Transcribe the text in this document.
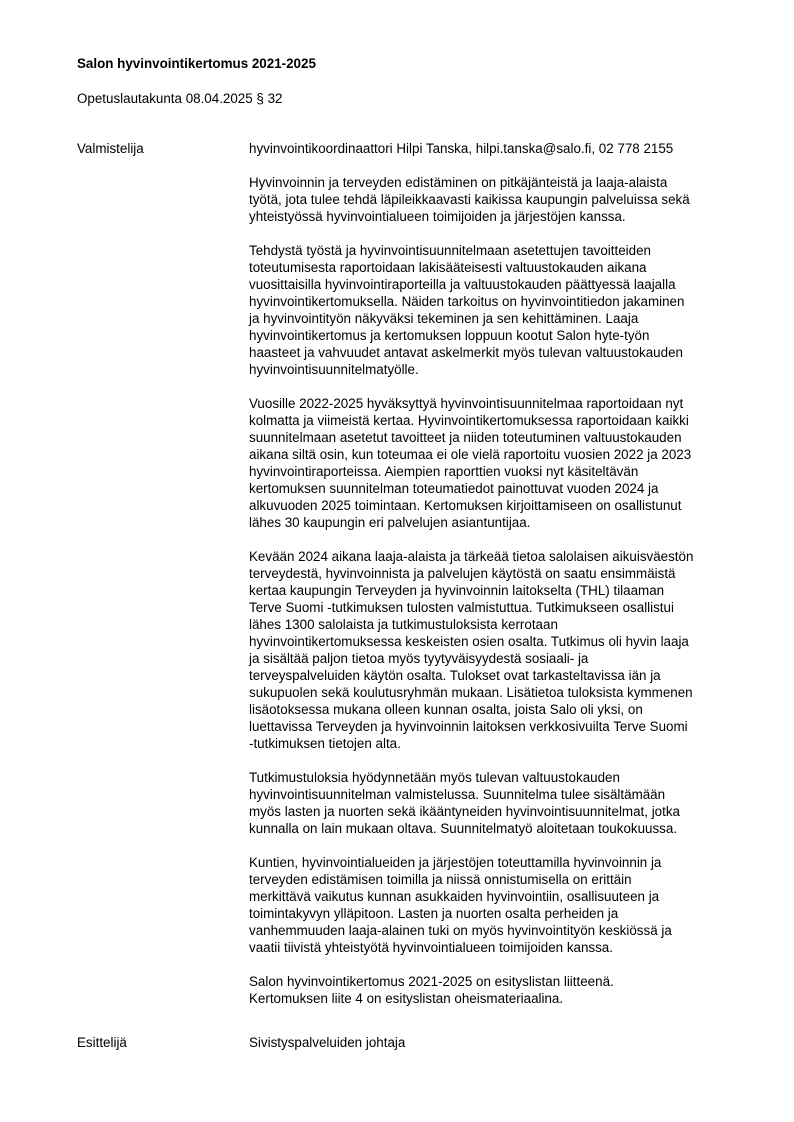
Salon hyvinvointikertomus 2021-2025
Opetuslautakunta 08.04.2025 § 32
Valmistelija	hyvinvointikoordinaattori Hilpi Tanska, hilpi.tanska@salo.fi, 02 778 2155

Hyvinvoinnin ja terveyden edistäminen on pitkäjänteistä ja laaja-alaista
työtä, jota tulee tehdä läpileikkaavasti kaikissa kaupungin palveluissa sekä
yhteistyössä hyvinvointialueen toimijoiden ja järjestöjen kanssa.

Tehdystä työstä ja hyvinvointisuunnitelmaan asetettujen tavoitteiden
toteutumisesta raportoidaan lakisääteisesti valtuustokauden aikana
vuosittaisilla hyvinvointiraporteilla ja valtuustokauden päättyessä laajalla
hyvinvointikertomuksella. Näiden tarkoitus on hyvinvointitiedon jakaminen
ja hyvinvointityön näkyväksi tekeminen ja sen kehittäminen. Laaja
hyvinvointikertomus ja kertomuksen loppuun kootut Salon hyte-työn
haasteet ja vahvuudet antavat askelmerkit myös tulevan valtuustokauden
hyvinvointisuunnitelmatyölle.

Vuosille 2022-2025 hyväksyttyä hyvinvointisuunnitelmaa raportoidaan nyt
kolmatta ja viimeistä kertaa. Hyvinvointikertomuksessa raportoidaan kaikki
suunnitelmaan asetetut tavoitteet ja niiden toteutuminen valtuustokauden
aikana siltä osin, kun toteumaa ei ole vielä raportoitu vuosien 2022 ja 2023
hyvinvointiraporteissa. Aiempien raporttien vuoksi nyt käsiteltävän
kertomuksen suunnitelman toteumatiedot painottuvat vuoden 2024 ja
alkuvuoden 2025 toimintaan. Kertomuksen kirjoittamiseen on osallistunut
lähes 30 kaupungin eri palvelujen asiantuntijaa.

Kevään 2024 aikana laaja-alaista ja tärkeää tietoa salolaisen aikuisväestön
terveydestä, hyvinvoinnista ja palvelujen käytöstä on saatu ensimmäistä
kertaa kaupungin Terveyden ja hyvinvoinnin laitokselta (THL) tilaaman
Terve Suomi -tutkimuksen tulosten valmistuttua. Tutkimukseen osallistui
lähes 1300 salolaista ja tutkimustuloksista kerrotaan
hyvinvointikertomuksessa keskeisten osien osalta. Tutkimus oli hyvin laaja
ja sisältää paljon tietoa myös tyytyväisyydestä sosiaali- ja
terveyspalveluiden käytön osalta. Tulokset ovat tarkasteltavissa iän ja
sukupuolen sekä koulutusryhmän mukaan. Lisätietoa tuloksista kymmenen
lisäotoksessa mukana olleen kunnan osalta, joista Salo oli yksi, on
luettavissa Terveyden ja hyvinvoinnin laitoksen verkkosivuilta Terve Suomi
-tutkimuksen tietojen alta.

Tutkimustuloksia hyödynnetään myös tulevan valtuustokauden
hyvinvointisuunnitelman valmistelussa. Suunnitelma tulee sisältämään
myös lasten ja nuorten sekä ikääntyneiden hyvinvointisuunnitelmat, jotka
kunnalla on lain mukaan oltava. Suunnitelmatyö aloitetaan toukokuussa.

Kuntien, hyvinvointialueiden ja järjestöjen toteuttamilla hyvinvoinnin ja
terveyden edistämisen toimilla ja niissä onnistumisella on erittäin
merkittävä vaikutus kunnan asukkaiden hyvinvointiin, osallisuuteen ja
toimintakyvyn ylläpitoon. Lasten ja nuorten osalta perheiden ja
vanhemmuuden laaja-alainen tuki on myös hyvinvointityön keskiössä ja
vaatii tiivistä yhteistyötä hyvinvointialueen toimijoiden kanssa.

Salon hyvinvointikertomus 2021-2025 on esityslistan liitteenä.
Kertomuksen liite 4 on esityslistan oheismateriaalina.

Esittelijä	Sivistyspalveluiden johtaja
